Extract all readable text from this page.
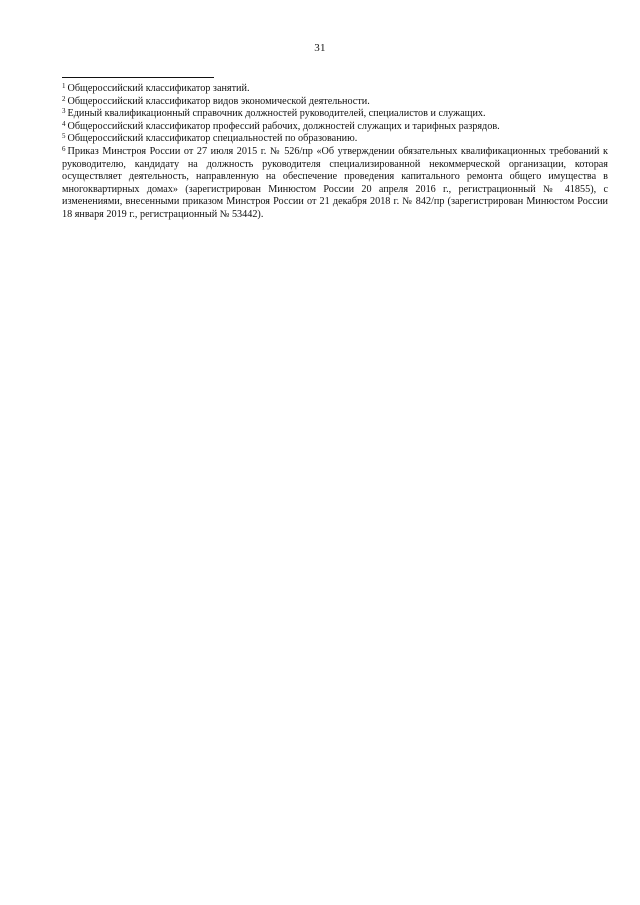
31

$^1$ Общероссийский классификатор занятий.

$^2$ Общероссийский классификатор видов экономической деятельности.

$^3$ Единый квалификационный справочник должностей руководителей, специалистов и служащих.

$^4$ Общероссийский классификатор профессий рабочих, должностей служащих и тарифных разрядов.

$^5$ Общероссийский классификатор специальностей по образованию.

$^6$ Приказ Минстроя России от 27 июля 2015 г. № 526/пр «Об утверждении обязательных квалификационных требований к руководителю, кандидату на должность руководителя специализированной некоммерческой организации, которая осуществляет деятельность, направленную на обеспечение проведения капитального ремонта общего имущества в многоквартирных домах» (зарегистрирован Минюстом России 20 апреля 2016 г., регистрационный № 41855), с изменениями, внесенными приказом Минстроя России от 21 декабря 2018 г. № 842/пр (зарегистрирован Минюстом России 18 января 2019 г., регистрационный № 53442).
